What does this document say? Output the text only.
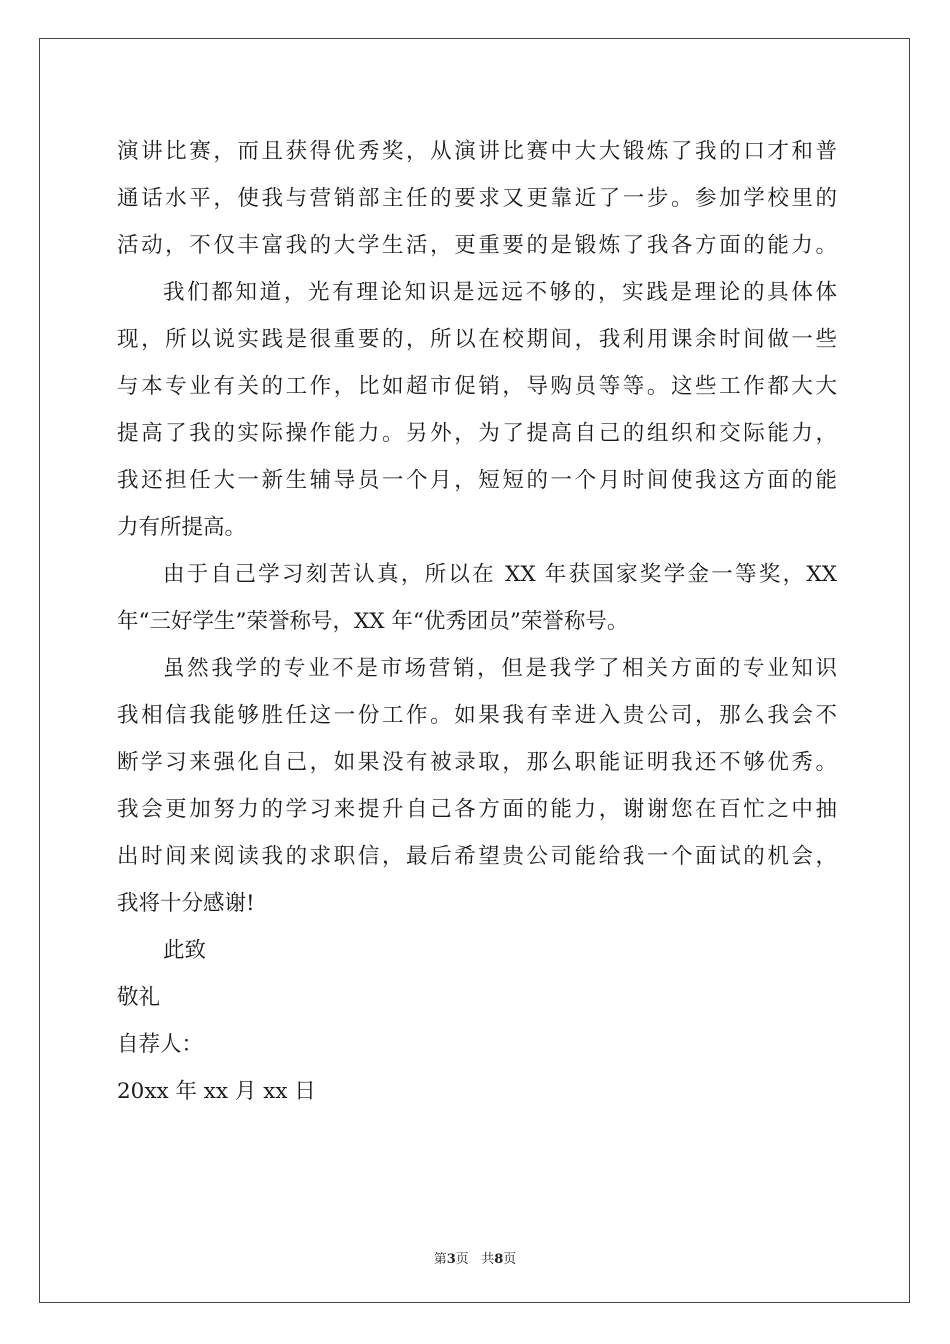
演讲比赛，而且获得优秀奖，从演讲比赛中大大锻炼了我的口才和普
通话水平，使我与营销部主任的要求又更靠近了一步。参加学校里的
活动，不仅丰富我的大学生活，更重要的是锻炼了我各方面的能力。
我们都知道，光有理论知识是远远不够的，实践是理论的具体体
现，所以说实践是很重要的，所以在校期间，我利用课余时间做一些
与本专业有关的工作，比如超市促销，导购员等等。这些工作都大大
提高了我的实际操作能力。另外，为了提高自己的组织和交际能力，
我还担任大一新生辅导员一个月，短短的一个月时间使我这方面的能
力有所提高。
由于自己学习刻苦认真，所以在 XX 年获国家奖学金一等奖，XX
年“三好学生”荣誉称号，XX 年“优秀团员”荣誉称号。
虽然我学的专业不是市场营销，但是我学了相关方面的专业知识
我相信我能够胜任这一份工作。如果我有幸进入贵公司，那么我会不
断学习来强化自己，如果没有被录取，那么职能证明我还不够优秀。
我会更加努力的学习来提升自己各方面的能力，谢谢您在百忙之中抽
出时间来阅读我的求职信，最后希望贵公司能给我一个面试的机会，
我将十分感谢!
此致
敬礼
自荐人：
20xx 年 xx 月 xx 日
第3页 共8页
